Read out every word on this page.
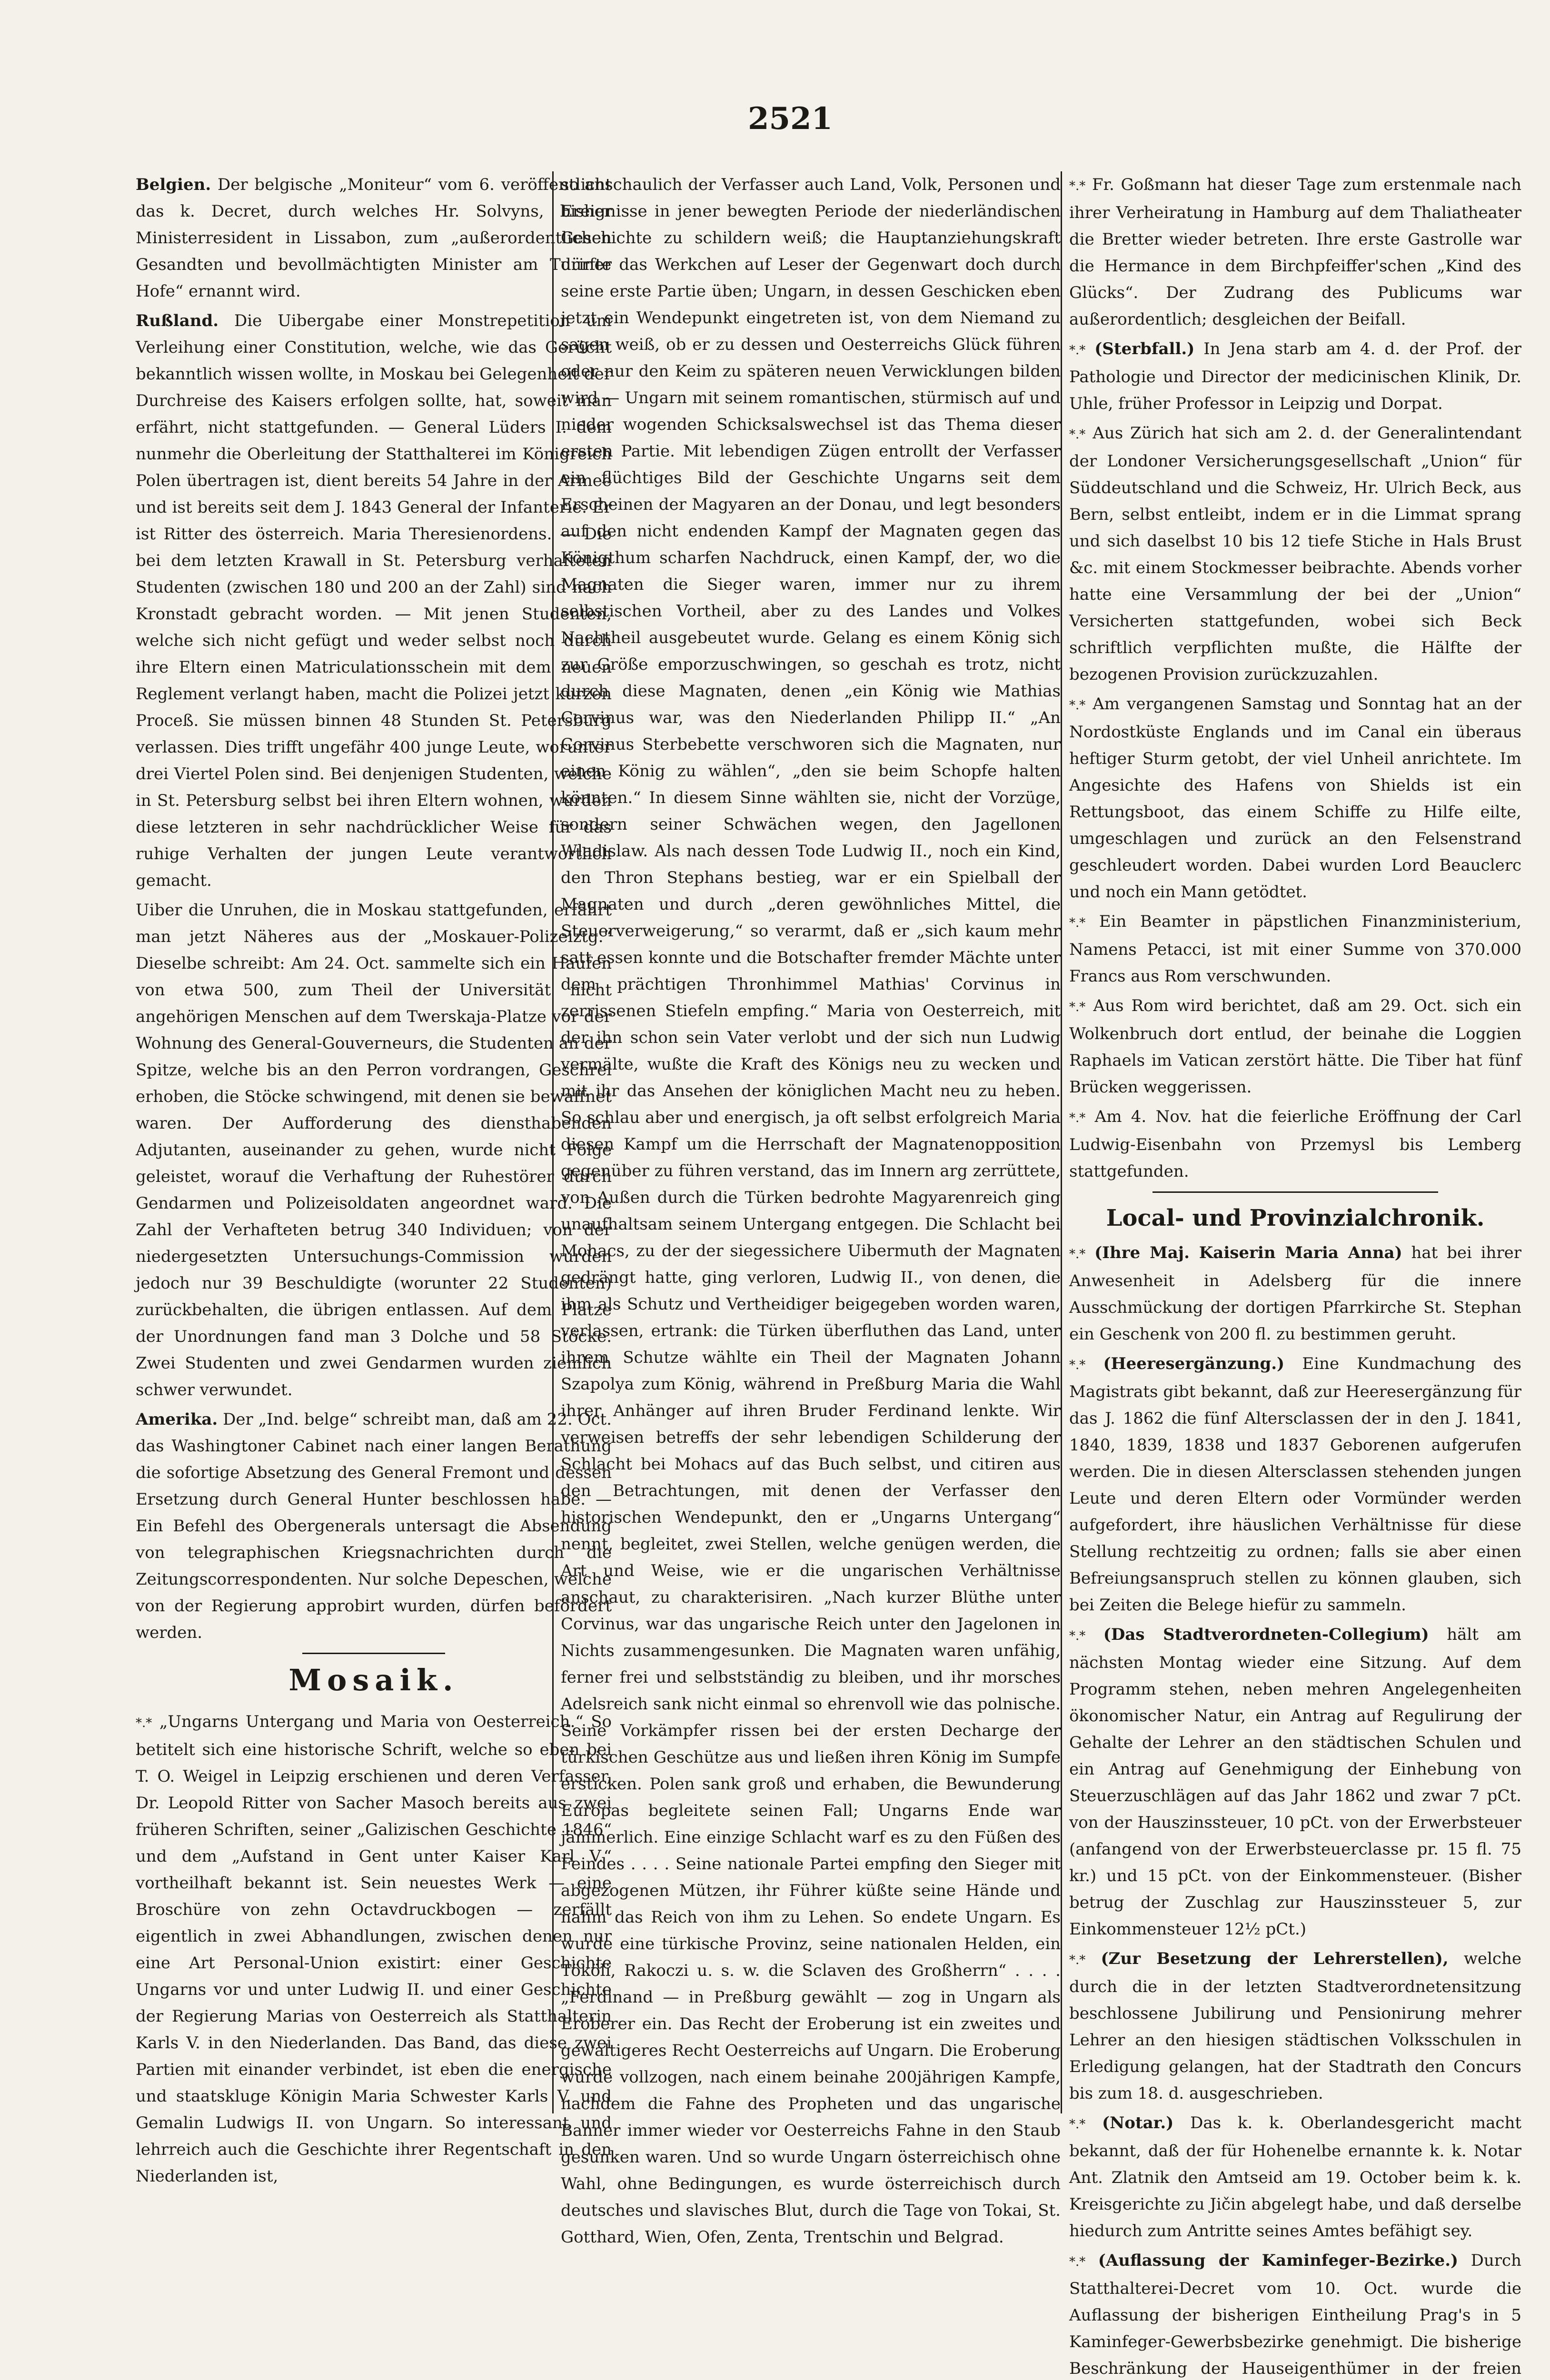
2521

Belgien. Der belgische „Moniteur“ vom 6. veröffentlicht das k. Decret, durch welches Hr. Solvyns, bisher Ministerresident in Lissabon, zum „außerordentlichen Gesandten und bevollmächtigten Minister am Turiner Hofe“ ernannt wird.

Rußland. Die Uibergabe einer Monstrepetition um Verleihung einer Constitution, welche, wie das Gerücht bekanntlich wissen wollte, in Moskau bei Gelegenheit der Durchreise des Kaisers erfolgen sollte, hat, soweit man erfährt, nicht stattgefunden. — General Lüders I. dem nunmehr die Oberleitung der Statthalterei im Königreich Polen übertragen ist, dient bereits 54 Jahre in der Armee und ist bereits seit dem J. 1843 General der Infanterie. Er ist Ritter des österreich. Maria Theresienordens. — Die bei dem letzten Krawall in St. Petersburg verhafteten Studenten (zwischen 180 und 200 an der Zahl) sind nach Kronstadt gebracht worden. — Mit jenen Studenten, welche sich nicht gefügt und weder selbst noch durch ihre Eltern einen Matriculationsschein mit dem neuen Reglement verlangt haben, macht die Polizei jetzt kurzen Proceß. Sie müssen binnen 48 Stunden St. Petersburg verlassen. Dies trifft ungefähr 400 junge Leute, worunter drei Viertel Polen sind. Bei denjenigen Studenten, welche in St. Petersburg selbst bei ihren Eltern wohnen, wurden diese letzteren in sehr nachdrücklicher Weise für das ruhige Verhalten der jungen Leute verantwortlich gemacht.

Uiber die Unruhen, die in Moskau stattgefunden, erfährt man jetzt Näheres aus der „Moskauer-Polizeiztg.“ Dieselbe schreibt: Am 24. Oct. sammelte sich ein Haufen von etwa 500, zum Theil der Universität nicht angehörigen Menschen auf dem Twerskaja-Platze vor der Wohnung des General-Gouverneurs, die Studenten an der Spitze, welche bis an den Perron vordrangen, Geschrei erhoben, die Stöcke schwingend, mit denen sie bewaffnet waren. Der Aufforderung des diensthabenden Adjutanten, auseinander zu gehen, wurde nicht Folge geleistet, worauf die Verhaftung der Ruhestörer durch Gendarmen und Polizeisoldaten angeordnet ward. Die Zahl der Verhafteten betrug 340 Individuen; von der niedergesetzten Untersuchungs-Commission wurden jedoch nur 39 Beschuldigte (worunter 22 Studenten) zurückbehalten, die übrigen entlassen. Auf dem Platze der Unordnungen fand man 3 Dolche und 58 Stöcke. Zwei Studenten und zwei Gendarmen wurden ziemlich schwer verwundet.

Amerika. Der „Ind. belge“ schreibt man, daß am 22. Oct. das Washingtoner Cabinet nach einer langen Berathung die sofortige Absetzung des General Fremont und dessen Ersetzung durch General Hunter beschlossen habe. — Ein Befehl des Obergenerals untersagt die Absendung von telegraphischen Kriegsnachrichten durch die Zeitungscorrespondenten. Nur solche Depeschen, welche von der Regierung approbirt wurden, dürfen befördert werden.

Mosaik.

*.* „Ungarns Untergang und Maria von Oesterreich.“ So betitelt sich eine historische Schrift, welche so eben bei T. O. Weigel in Leipzig erschienen und deren Verfasser, Dr. Leopold Ritter von Sacher Masoch bereits aus zwei früheren Schriften, seiner „Galizischen Geschichte 1846“ und dem „Aufstand in Gent unter Kaiser Karl V.“ vortheilhaft bekannt ist. Sein neuestes Werk — eine Broschüre von zehn Octavdruckbogen — zerfällt eigentlich in zwei Abhandlungen, zwischen denen nur eine Art Personal-Union existirt: einer Geschichte Ungarns vor und unter Ludwig II. und einer Geschichte der Regierung Marias von Oesterreich als Statthalterin Karls V. in den Niederlanden. Das Band, das diese zwei Partien mit einander verbindet, ist eben die energische und staatskluge Königin Maria Schwester Karls V. und Gemalin Ludwigs II. von Ungarn. So interessant und lehrreich auch die Geschichte ihrer Regentschaft in den Niederlanden ist,

so anschaulich der Verfasser auch Land, Volk, Personen und Ereignisse in jener bewegten Periode der niederländischen Geschichte zu schildern weiß; die Hauptanziehungskraft dürfte das Werkchen auf Leser der Gegenwart doch durch seine erste Partie üben; Ungarn, in dessen Geschicken eben jetzt ein Wendepunkt eingetreten ist, von dem Niemand zu sagen weiß, ob er zu dessen und Oesterreichs Glück führen oder nur den Keim zu späteren neuen Verwicklungen bilden wird — Ungarn mit seinem romantischen, stürmisch auf und nieder wogenden Schicksalswechsel ist das Thema dieser ersten Partie. Mit lebendigen Zügen entrollt der Verfasser ein flüchtiges Bild der Geschichte Ungarns seit dem Erscheinen der Magyaren an der Donau, und legt besonders auf den nicht endenden Kampf der Magnaten gegen das Königthum scharfen Nachdruck, einen Kampf, der, wo die Magnaten die Sieger waren, immer nur zu ihrem selbstischen Vortheil, aber zu des Landes und Volkes Nachtheil ausgebeutet wurde. Gelang es einem König sich zur Größe emporzuschwingen, so geschah es trotz, nicht durch diese Magnaten, denen „ein König wie Mathias Corvinus war, was den Niederlanden Philipp II.“ „An Corvinus Sterbebette verschworen sich die Magnaten, nur einen König zu wählen“, „den sie beim Schopfe halten könnten.“ In diesem Sinne wählten sie, nicht der Vorzüge, sondern seiner Schwächen wegen, den Jagellonen Wladislaw. Als nach dessen Tode Ludwig II., noch ein Kind, den Thron Stephans bestieg, war er ein Spielball der Magnaten und durch „deren gewöhnliches Mittel, die Steuerverweigerung,“ so verarmt, daß er „sich kaum mehr satt essen konnte und die Botschafter fremder Mächte unter dem prächtigen Thronhimmel Mathias' Corvinus in zerrissenen Stiefeln empfing.“ Maria von Oesterreich, mit der ihn schon sein Vater verlobt und der sich nun Ludwig vermälte, wußte die Kraft des Königs neu zu wecken und mit ihr das Ansehen der königlichen Macht neu zu heben. So schlau aber und energisch, ja oft selbst erfolgreich Maria diesen Kampf um die Herrschaft der Magnatenopposition gegenüber zu führen verstand, das im Innern arg zerrüttete, von Außen durch die Türken bedrohte Magyarenreich ging unaufhaltsam seinem Untergang entgegen. Die Schlacht bei Mohacs, zu der der siegessichere Uibermuth der Magnaten gedrängt hatte, ging verloren, Ludwig II., von denen, die ihm als Schutz und Vertheidiger beigegeben worden waren, verlassen, ertrank: die Türken überfluthen das Land, unter ihrem Schutze wählte ein Theil der Magnaten Johann Szapolya zum König, während in Preßburg Maria die Wahl ihrer Anhänger auf ihren Bruder Ferdinand lenkte. Wir verweisen betreffs der sehr lebendigen Schilderung der Schlacht bei Mohacs auf das Buch selbst, und citiren aus den Betrachtungen, mit denen der Verfasser den historischen Wendepunkt, den er „Ungarns Untergang“ nennt, begleitet, zwei Stellen, welche genügen werden, die Art und Weise, wie er die ungarischen Verhältnisse anschaut, zu charakterisiren. „Nach kurzer Blüthe unter Corvinus, war das ungarische Reich unter den Jagelonen in Nichts zusammengesunken. Die Magnaten waren unfähig, ferner frei und selbstständig zu bleiben, und ihr morsches Adelsreich sank nicht einmal so ehrenvoll wie das polnische. Seine Vorkämpfer rissen bei der ersten Decharge der türkischen Geschütze aus und ließen ihren König im Sumpfe ersticken. Polen sank groß und erhaben, die Bewunderung Europas begleitete seinen Fall; Ungarns Ende war jämmerlich. Eine einzige Schlacht warf es zu den Füßen des Feindes . . . . Seine nationale Partei empfing den Sieger mit abgezogenen Mützen, ihr Führer küßte seine Hände und nahm das Reich von ihm zu Lehen. So endete Ungarn. Es wurde eine türkische Provinz, seine nationalen Helden, ein Tököli, Rakoczi u. s. w. die Sclaven des Großherrn“ . . . . „Ferdinand — in Preßburg gewählt — zog in Ungarn als Eroberer ein. Das Recht der Eroberung ist ein zweites und gewaltigeres Recht Oesterreichs auf Ungarn. Die Eroberung wurde vollzogen, nach einem beinahe 200jährigen Kampfe, nachdem die Fahne des Propheten und das ungarische Banner immer wieder vor Oesterreichs Fahne in den Staub gesunken waren. Und so wurde Ungarn österreichisch ohne Wahl, ohne Bedingungen, es wurde österreichisch durch deutsches und slavisches Blut, durch die Tage von Tokai, St. Gotthard, Wien, Ofen, Zenta, Trentschin und Belgrad.

*.* Fr. Goßmann hat dieser Tage zum erstenmale nach ihrer Verheiratung in Hamburg auf dem Thaliatheater die Bretter wieder betreten. Ihre erste Gastrolle war die Hermance in dem Birchpfeiffer'schen „Kind des Glücks“. Der Zudrang des Publicums war außerordentlich; desgleichen der Beifall.

*.* (Sterbfall.) In Jena starb am 4. d. der Prof. der Pathologie und Director der medicinischen Klinik, Dr. Uhle, früher Professor in Leipzig und Dorpat.

*.* Aus Zürich hat sich am 2. d. der Generalintendant der Londoner Versicherungsgesellschaft „Union“ für Süddeutschland und die Schweiz, Hr. Ulrich Beck, aus Bern, selbst entleibt, indem er in die Limmat sprang und sich daselbst 10 bis 12 tiefe Stiche in Hals Brust &c. mit einem Stockmesser beibrachte. Abends vorher hatte eine Versammlung der bei der „Union“ Versicherten stattgefunden, wobei sich Beck schriftlich verpflichten mußte, die Hälfte der bezogenen Provision zurückzuzahlen.

*.* Am vergangenen Samstag und Sonntag hat an der Nordostküste Englands und im Canal ein überaus heftiger Sturm getobt, der viel Unheil anrichtete. Im Angesichte des Hafens von Shields ist ein Rettungsboot, das einem Schiffe zu Hilfe eilte, umgeschlagen und zurück an den Felsenstrand geschleudert worden. Dabei wurden Lord Beauclerc und noch ein Mann getödtet.

*.* Ein Beamter in päpstlichen Finanzministerium, Namens Petacci, ist mit einer Summe von 370.000 Francs aus Rom verschwunden.

*.* Aus Rom wird berichtet, daß am 29. Oct. sich ein Wolkenbruch dort entlud, der beinahe die Loggien Raphaels im Vatican zerstört hätte. Die Tiber hat fünf Brücken weggerissen.

*.* Am 4. Nov. hat die feierliche Eröffnung der Carl Ludwig-Eisenbahn von Przemysl bis Lemberg stattgefunden.

Local- und Provinzialchronik.

*.* (Ihre Maj. Kaiserin Maria Anna) hat bei ihrer Anwesenheit in Adelsberg für die innere Ausschmückung der dortigen Pfarrkirche St. Stephan ein Geschenk von 200 fl. zu bestimmen geruht.

*.* (Heeresergänzung.) Eine Kundmachung des Magistrats gibt bekannt, daß zur Heeresergänzung für das J. 1862 die fünf Altersclassen der in den J. 1841, 1840, 1839, 1838 und 1837 Geborenen aufgerufen werden. Die in diesen Altersclassen stehenden jungen Leute und deren Eltern oder Vormünder werden aufgefordert, ihre häuslichen Verhältnisse für diese Stellung rechtzeitig zu ordnen; falls sie aber einen Befreiungsanspruch stellen zu können glauben, sich bei Zeiten die Belege hiefür zu sammeln.

*.* (Das Stadtverordneten-Collegium) hält am nächsten Montag wieder eine Sitzung. Auf dem Programm stehen, neben mehren Angelegenheiten ökonomischer Natur, ein Antrag auf Regulirung der Gehalte der Lehrer an den städtischen Schulen und ein Antrag auf Genehmigung der Einhebung von Steuerzuschlägen auf das Jahr 1862 und zwar 7 pCt. von der Hauszinssteuer, 10 pCt. von der Erwerbsteuer (anfangend von der Erwerbsteuerclasse pr. 15 fl. 75 kr.) und 15 pCt. von der Einkommensteuer. (Bisher betrug der Zuschlag zur Hauszinssteuer 5, zur Einkommensteuer 12½ pCt.)

*.* (Zur Besetzung der Lehrerstellen), welche durch die in der letzten Stadtverordnetensitzung beschlossene Jubilirung und Pensionirung mehrer Lehrer an den hiesigen städtischen Volksschulen in Erledigung gelangen, hat der Stadtrath den Concurs bis zum 18. d. ausgeschrieben.

*.* (Notar.) Das k. k. Oberlandesgericht macht bekannt, daß der für Hohenelbe ernannte k. k. Notar Ant. Zlatnik den Amtseid am 19. October beim k. k. Kreisgerichte zu Jičin abgelegt habe, und daß derselbe hiedurch zum Antritte seines Amtes befähigt sey.

*.* (Auflassung der Kaminfeger-Bezirke.) Durch Statthalterei-Decret vom 10. Oct. wurde die Auflassung der bisherigen Eintheilung Prag's in 5 Kaminfeger-Gewerbsbezirke genehmigt. Die bisherige Beschränkung der Hauseigenthümer in der freien
